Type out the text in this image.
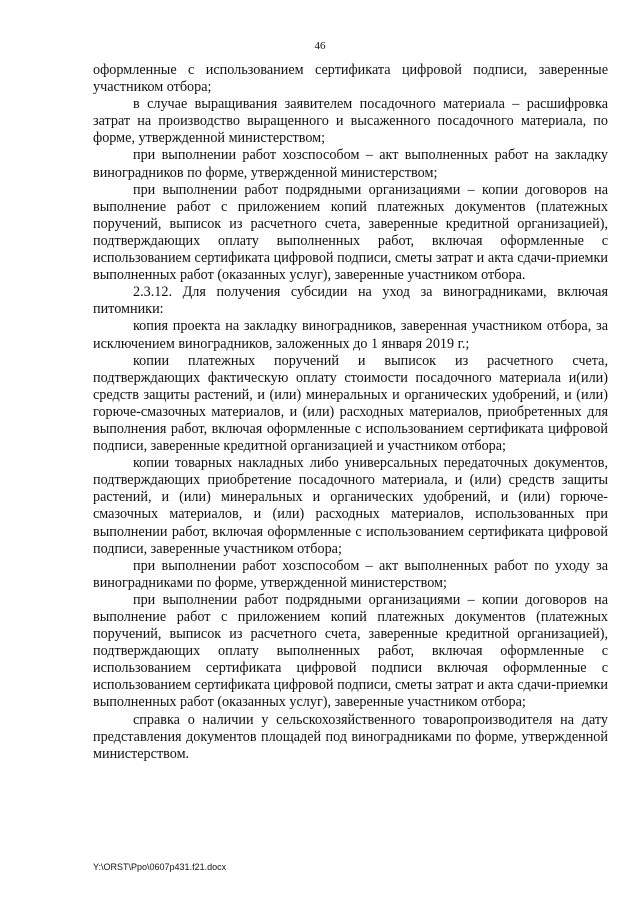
46

оформленные с использованием сертификата цифровой подписи, заверенные участником отбора;

в случае выращивания заявителем посадочного материала – расшифровка затрат на производство выращенного и высаженного посадочного материала, по форме, утвержденной министерством;

при выполнении работ хозспособом – акт выполненных работ на закладку виноградников по форме, утвержденной министерством;

при выполнении работ подрядными организациями – копии договоров на выполнение работ с приложением копий платежных документов (платежных поручений, выписок из расчетного счета, заверенные кредитной организацией), подтверждающих оплату выполненных работ, включая оформленные с использованием сертификата цифровой подписи, сметы затрат и акта сдачи-приемки выполненных работ (оказанных услуг), заверенные участником отбора.

2.3.12. Для получения субсидии на уход за виноградниками, включая питомники:

копия проекта на закладку виноградников, заверенная участником отбора, за исключением виноградников, заложенных до 1 января 2019 г.;

копии платежных поручений и выписок из расчетного счета, подтверждающих фактическую оплату стоимости посадочного материала и(или) средств защиты растений, и (или) минеральных и органических удобрений, и (или) горюче-смазочных материалов, и (или) расходных материалов, приобретенных для выполнения работ, включая оформленные с использованием сертификата цифровой подписи, заверенные кредитной организацией и участником отбора;

копии товарных накладных либо универсальных передаточных документов, подтверждающих приобретение посадочного материала, и (или) средств защиты растений, и (или) минеральных и органических удобрений, и (или) горюче-смазочных материалов, и (или) расходных материалов, использованных при выполнении работ, включая оформленные с использованием сертификата цифровой подписи, заверенные участником отбора;

при выполнении работ хозспособом – акт выполненных работ по уходу за виноградниками по форме, утвержденной министерством;

при выполнении работ подрядными организациями – копии договоров на выполнение работ с приложением копий платежных документов (платежных поручений, выписок из расчетного счета, заверенные кредитной организацией), подтверждающих оплату выполненных работ, включая оформленные с использованием сертификата цифровой подписи включая оформленные с использованием сертификата цифровой подписи, сметы затрат и акта сдачи-приемки выполненных работ (оказанных услуг), заверенные участником отбора;

справка о наличии у сельскохозяйственного товаропроизводителя на дату представления документов площадей под виноградниками по форме, утвержденной министерством.

Y:\ORST\Ppo\0607p431.f21.docx
